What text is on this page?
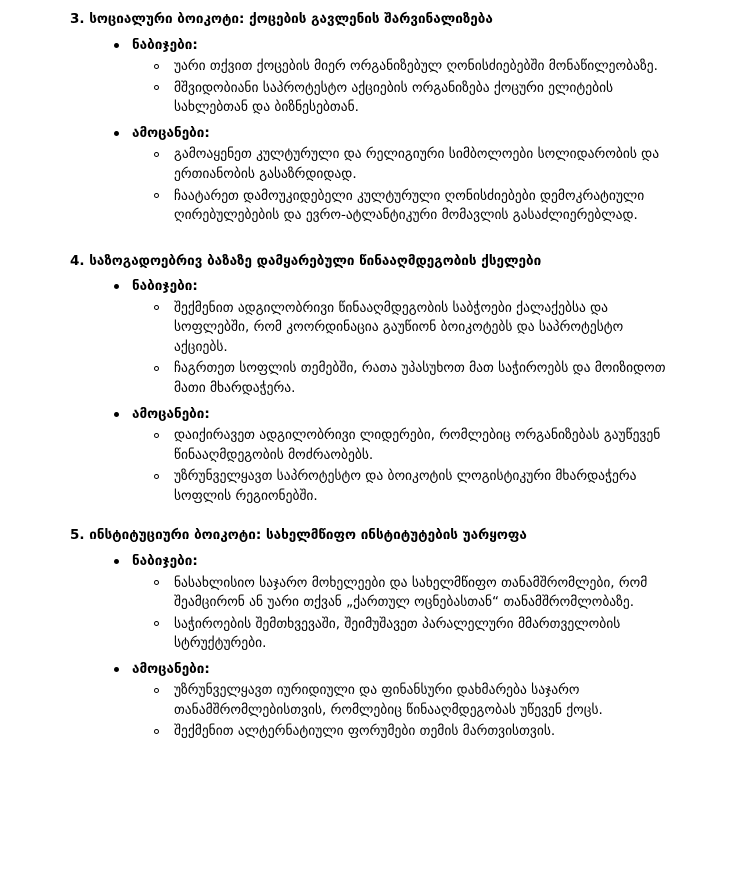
3. სოციალური ბოიკოტი: ქოცების გავლენის შარვინალიზება
ნაბიჯები:
უარი თქვით ქოცების მიერ ორგანიზებულ ღონისძიებებში მონაწილეობაზე.
მშვიდობიანი საპროტესტო აქციების ორგანიზება ქოცური ელიტების სახლებთან და ბიზნესებთან.
ამოცანები:
გამოაყენეთ კულტურული და რელიგიური სიმბოლოები სოლიდარობის და ერთიანობის გასაზრდიდად.
ჩაატარეთ დამოუკიდებელი კულტურული ღონისძიებები დემოკრატიული ღირებულებების და ევრო-ატლანტიკური მომავლის გასაძლიერებლად.
4. საზოგადოებრივ ბაზაზე დამყარებული წინააღმდეგობის ქსელები
ნაბიჯები:
შექმენით ადგილობრივი წინააღმდეგობის საბჭოები ქალაქებსა და სოფლებში, რომ კოორდინაცია გაუწიონ ბოიკოტებს და საპროტესტო აქციებს.
ჩაგრთეთ სოფლის თემებში, რათა უპასუხოთ მათ საჭიროებს და მოიზიდოთ მათი მხარდაჭერა.
ამოცანები:
დაიქირავეთ ადგილობრივი ლიდერები, რომლებიც ორგანიზებას გაუწევენ წინააღმდეგობის მოძრაობებს.
უზრუნველყავთ საპროტესტო და ბოიკოტის ლოგისტიკური მხარდაჭერა სოფლის რეგიონებში.
5. ინსტიტუციური ბოიკოტი: სახელმწიფო ინსტიტუტების უარყოფა
ნაბიჯები:
ნასახლისიო საჯარო მოხელეები და სახელმწიფო თანამშრომლები, რომ შეამცირონ ან უარი თქვან „ქართულ ოცნებასთან“ თანამშრომლობაზე.
საჭიროების შემთხვევაში, შეიმუშავეთ პარალელური მმართველობის სტრუქტურები.
ამოცანები:
უზრუნველყავთ იურიდიული და ფინანსური დახმარება საჯარო თანამშრომლებისთვის, რომლებიც წინააღმდეგობას უწევენ ქოცს.
შექმენით ალტერნატიული ფორუმები თემის მართვისთვის.
